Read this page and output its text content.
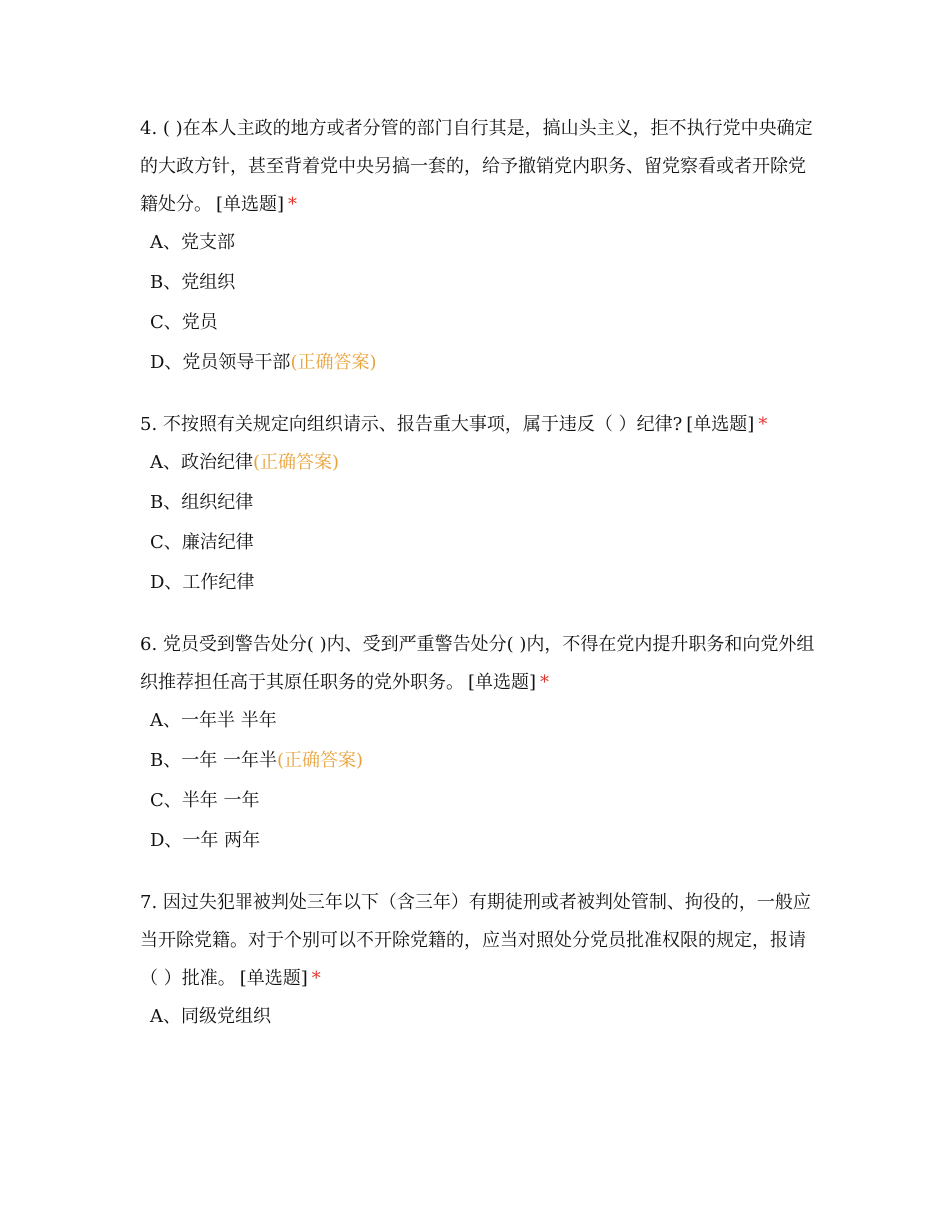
4. ( )在本人主政的地方或者分管的部门自行其是，搞山头主义，拒不执行党中央确定的大政方针，甚至背着党中央另搞一套的，给予撤销党内职务、留党察看或者开除党籍处分。 [单选题] *

A、党支部
B、党组织
C、党员
D、党员领导干部(正确答案)

5. 不按照有关规定向组织请示、报告重大事项，属于违反（ ）纪律? [单选题] *

A、政治纪律(正确答案)
B、组织纪律
C、廉洁纪律
D、工作纪律

6. 党员受到警告处分( )内、受到严重警告处分( )内，不得在党内提升职务和向党外组织推荐担任高于其原任职务的党外职务。 [单选题] *

A、一年半 半年
B、一年 一年半(正确答案)
C、半年 一年
D、一年 两年

7. 因过失犯罪被判处三年以下（含三年）有期徒刑或者被判处管制、拘役的，一般应当开除党籍。对于个别可以不开除党籍的，应当对照处分党员批准权限的规定，报请（ ）批准。 [单选题] *

A、同级党组织
